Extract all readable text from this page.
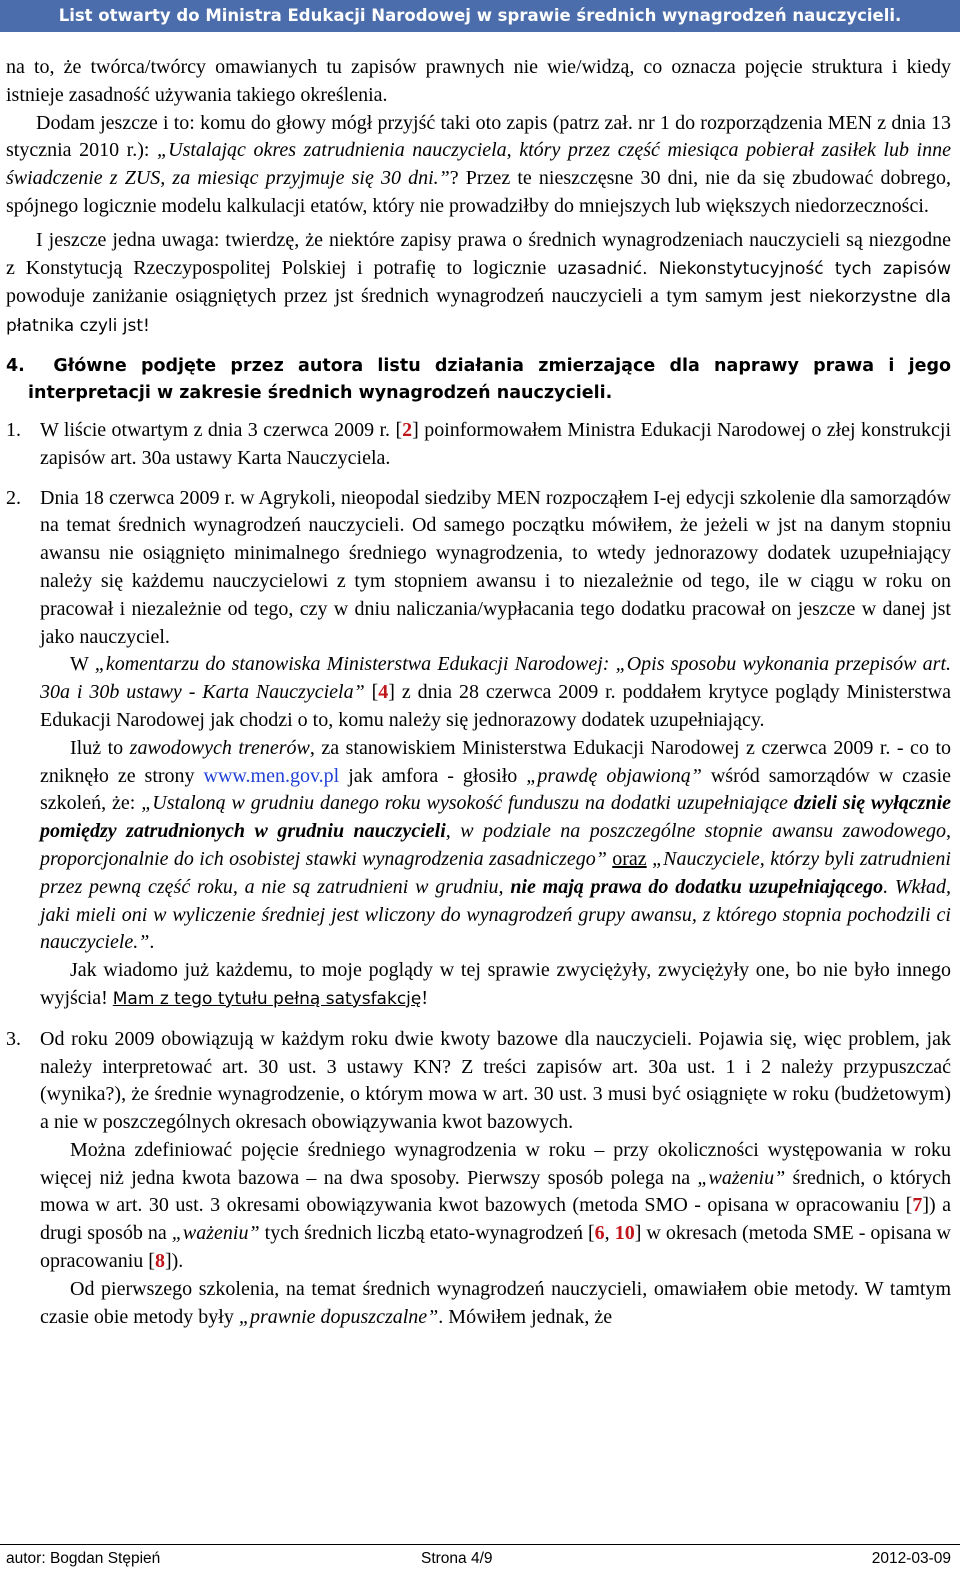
List otwarty do Ministra Edukacji Narodowej w sprawie średnich wynagrodzeń nauczycieli.

na to, że twórca/twórcy omawianych tu zapisów prawnych nie wie/widzą, co oznacza pojęcie struktura i kiedy istnieje zasadność używania takiego określenia.

Dodam jeszcze i to: komu do głowy mógł przyjść taki oto zapis (patrz zał. nr 1 do rozporządzenia MEN z dnia 13 stycznia 2010 r.): „Ustalając okres zatrudnienia nauczyciela, który przez część miesiąca pobierał zasiłek lub inne świadczenie z ZUS, za miesiąc przyjmuje się 30 dni.”? Przez te nieszczęsne 30 dni, nie da się zbudować dobrego, spójnego logicznie modelu kalkulacji etatów, który nie prowadziłby do mniejszych lub większych niedorzeczności.

I jeszcze jedna uwaga: twierdzę, że niektóre zapisy prawa o średnich wynagrodzeniach nauczycieli są niezgodne z Konstytucją Rzeczypospolitej Polskiej i potrafię to logicznie uzasadnić. Niekonstytucyjność tych zapisów powoduje zaniżanie osiągniętych przez jst średnich wynagrodzeń nauczycieli a tym samym jest niekorzystne dla płatnika czyli jst!

4. Główne podjęte przez autora listu działania zmierzające dla naprawy prawa i jego interpretacji w zakresie średnich wynagrodzeń nauczycieli.
1. W liście otwartym z dnia 3 czerwca 2009 r. [2] poinformowałem Ministra Edukacji Narodowej o złej konstrukcji zapisów art. 30a ustawy Karta Nauczyciela.

2. Dnia 18 czerwca 2009 r. w Agrykoli, nieopodal siedziby MEN rozpocząłem I-ej edycji szkolenie dla samorządów na temat średnich wynagrodzeń nauczycieli. Od samego początku mówiłem, że jeżeli w jst na danym stopniu awansu nie osiągnięto minimalnego średniego wynagrodzenia, to wtedy jednorazowy dodatek uzupełniający należy się każdemu nauczycielowi z tym stopniem awansu i to niezależnie od tego, ile w ciągu w roku on pracował i niezależnie od tego, czy w dniu naliczania/wypłacania tego dodatku pracował on jeszcze w danej jst jako nauczyciel.

W „komentarzu do stanowiska Ministerstwa Edukacji Narodowej: „Opis sposobu wykonania przepisów art. 30a i 30b ustawy - Karta Nauczyciela” [4] z dnia 28 czerwca 2009 r. poddałem krytyce poglądy Ministerstwa Edukacji Narodowej jak chodzi o to, komu należy się jednorazowy dodatek uzupełniający.

Iluż to zawodowych trenerów, za stanowiskiem Ministerstwa Edukacji Narodowej z czerwca 2009 r. - co to zniknęło ze strony www.men.gov.pl jak amfora - głosiło „prawdę objawioną” wśród samorządów w czasie szkoleń, że: „Ustaloną w grudniu danego roku wysokość funduszu na dodatki uzupełniające dzieli się wyłącznie pomiędzy zatrudnionych w grudniu nauczycieli, w podziale na poszczególne stopnie awansu zawodowego, proporcjonalnie do ich osobistej stawki wynagrodzenia zasadniczego” oraz „Nauczyciele, którzy byli zatrudnieni przez pewną część roku, a nie są zatrudnieni w grudniu, nie mają prawa do dodatku uzupełniającego. Wkład, jaki mieli oni w wyliczenie średniej jest wliczony do wynagrodzeń grupy awansu, z którego stopnia pochodzili ci nauczyciele.”.

Jak wiadomo już każdemu, to moje poglądy w tej sprawie zwyciężyły, zwyciężyły one, bo nie było innego wyjścia! Mam z tego tytułu pełną satysfakcję!

3. Od roku 2009 obowiązują w każdym roku dwie kwoty bazowe dla nauczycieli. Pojawia się, więc problem, jak należy interpretować art. 30 ust. 3 ustawy KN? Z treści zapisów art. 30a ust. 1 i 2 należy przypuszczać (wynika?), że średnie wynagrodzenie, o którym mowa w art. 30 ust. 3 musi być osiągnięte w roku (budżetowym) a nie w poszczególnych okresach obowiązywania kwot bazowych.

Można zdefiniować pojęcie średniego wynagrodzenia w roku – przy okoliczności występowania w roku więcej niż jedna kwota bazowa – na dwa sposoby. Pierwszy sposób polega na „ważeniu” średnich, o których mowa w art. 30 ust. 3 okresami obowiązywania kwot bazowych (metoda SMO - opisana w opracowaniu [7]) a drugi sposób na „ważeniu” tych średnich liczbą etato-wynagrodzeń [6, 10] w okresach (metoda SME - opisana w opracowaniu [8]).

Od pierwszego szkolenia, na temat średnich wynagrodzeń nauczycieli, omawiałem obie metody. W tamtym czasie obie metody były „prawnie dopuszczalne”. Mówiłem jednak, że

autor: Bogdan Stępień	Strona 4/9	2012-03-09
